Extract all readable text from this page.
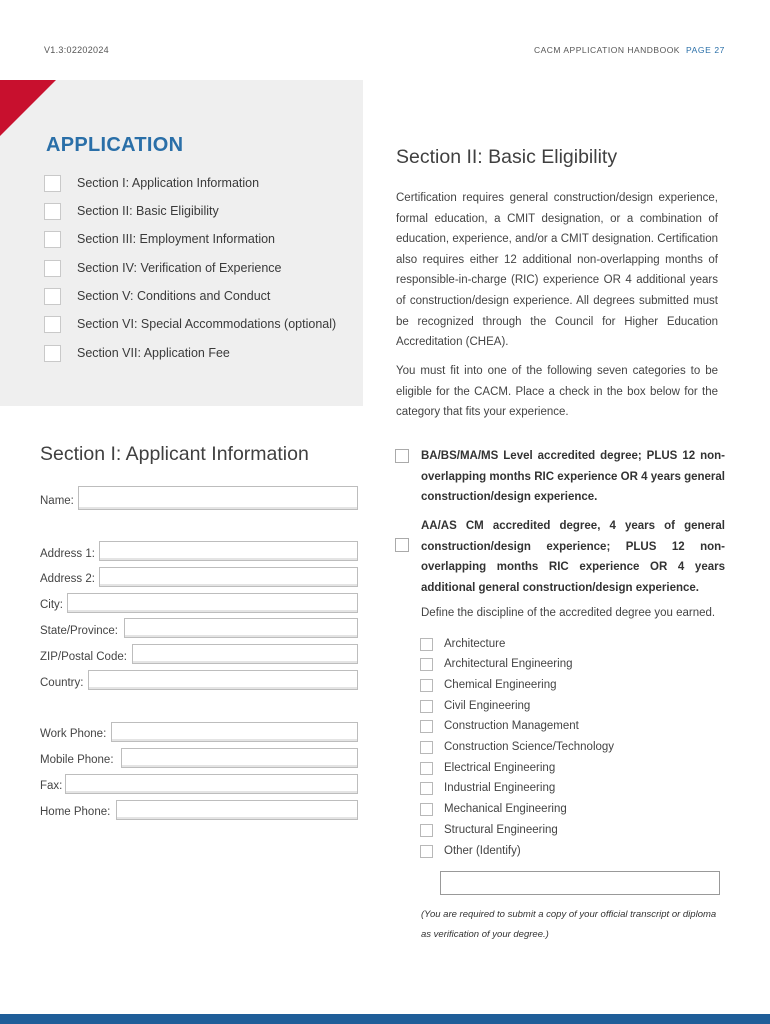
V1.3:02202024	CACM APPLICATION HANDBOOK PAGE 27
APPLICATION
Section I: Application Information
Section II: Basic Eligibility
Section III: Employment Information
Section IV: Verification of Experience
Section V: Conditions and Conduct
Section VI: Special Accommodations (optional)
Section VII: Application Fee
Section I: Applicant Information
Name:
Address 1:
Address 2:
City:
State/Province:
ZIP/Postal Code:
Country:
Work Phone:
Mobile Phone:
Fax:
Home Phone:
Section II: Basic Eligibility
Certification requires general construction/design experience, formal education, a CMIT designation, or a combination of education, experience, and/or a CMIT designation. Certification also requires either 12 additional non-overlapping months of responsible-in-charge (RIC) experience OR 4 additional years of construction/design experience. All degrees submitted must be recognized through the Council for Higher Education Accreditation (CHEA).
You must fit into one of the following seven categories to be eligible for the CACM. Place a check in the box below for the category that fits your experience.
BA/BS/MA/MS Level accredited degree; PLUS 12 non-overlapping months RIC experience OR 4 years general construction/design experience.
AA/AS CM accredited degree, 4 years of general construction/design experience; PLUS 12 non-overlapping months RIC experience OR 4 years additional general construction/design experience.
Define the discipline of the accredited degree you earned.
Architecture
Architectural Engineering
Chemical Engineering
Civil Engineering
Construction Management
Construction Science/Technology
Electrical Engineering
Industrial Engineering
Mechanical Engineering
Structural Engineering
Other (Identify)
(You are required to submit a copy of your official transcript or diploma as verification of your degree.)
